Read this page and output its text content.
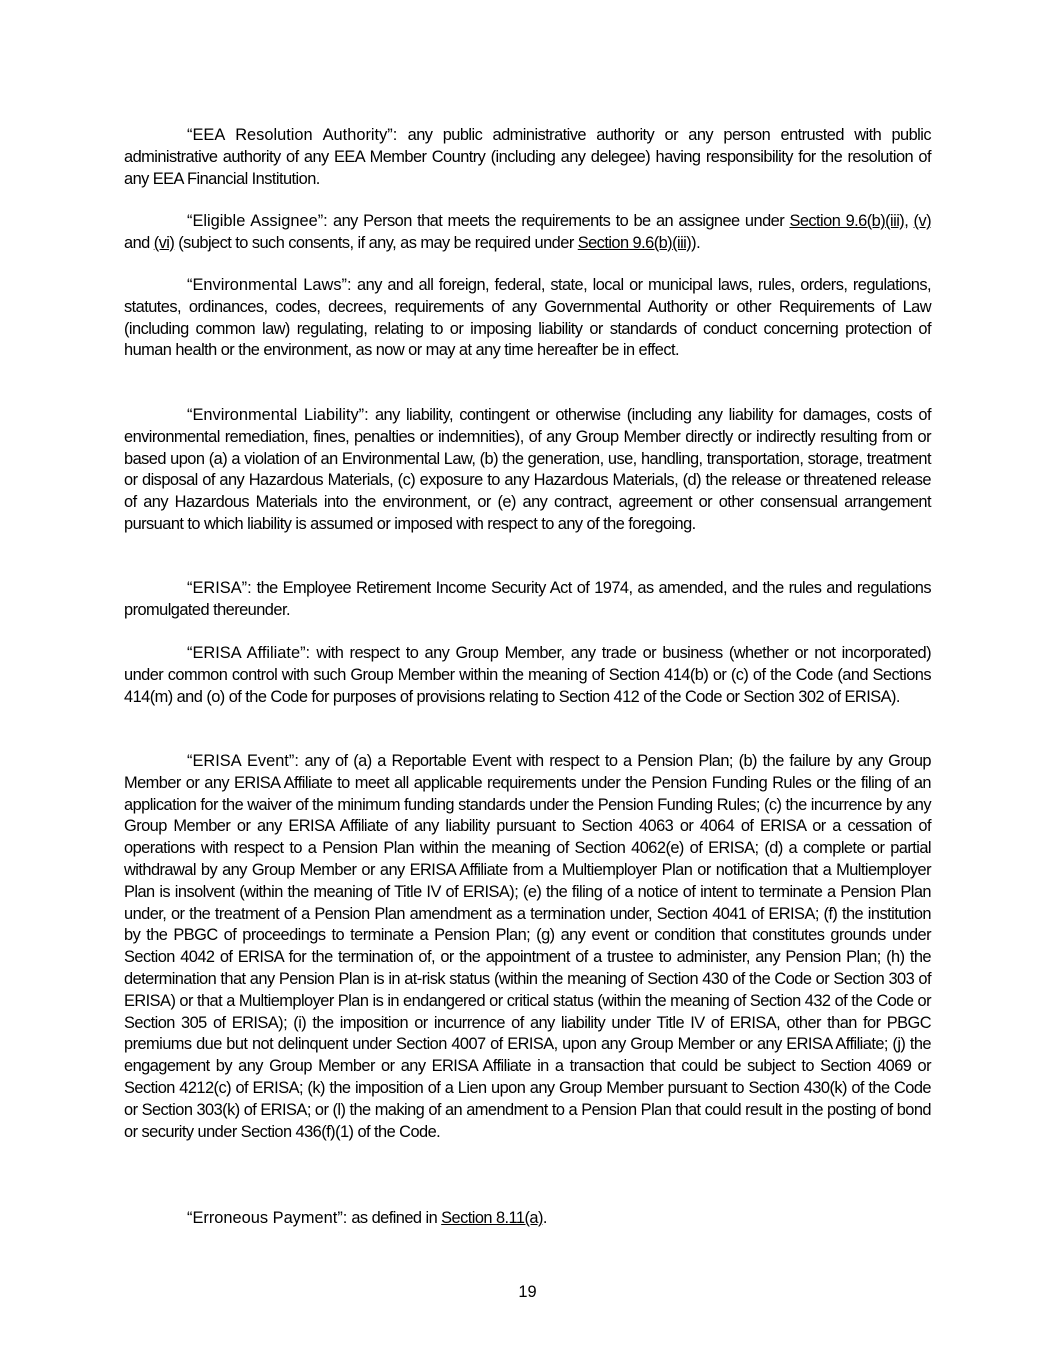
“EEA Resolution Authority”: any public administrative authority or any person entrusted with public administrative authority of any EEA Member Country (including any delegee) having responsibility for the resolution of any EEA Financial Institution.

“Eligible Assignee”: any Person that meets the requirements to be an assignee under Section 9.6(b)(iii), (v) and (vi) (subject to such consents, if any, as may be required under Section 9.6(b)(iii)).

“Environmental Laws”: any and all foreign, federal, state, local or municipal laws, rules, orders, regulations, statutes, ordinances, codes, decrees, requirements of any Governmental Authority or other Requirements of Law (including common law) regulating, relating to or imposing liability or standards of conduct concerning protection of human health or the environment, as now or may at any time hereafter be in effect.

“Environmental Liability”: any liability, contingent or otherwise (including any liability for damages, costs of environmental remediation, fines, penalties or indemnities), of any Group Member directly or indirectly resulting from or based upon (a) a violation of an Environmental Law, (b) the generation, use, handling, transportation, storage, treatment or disposal of any Hazardous Materials, (c) exposure to any Hazardous Materials, (d) the release or threatened release of any Hazardous Materials into the environment, or (e) any contract, agreement or other consensual arrangement pursuant to which liability is assumed or imposed with respect to any of the foregoing.

“ERISA”: the Employee Retirement Income Security Act of 1974, as amended, and the rules and regulations promulgated thereunder.

“ERISA Affiliate”: with respect to any Group Member, any trade or business (whether or not incorporated) under common control with such Group Member within the meaning of Section 414(b) or (c) of the Code (and Sections 414(m) and (o) of the Code for purposes of provisions relating to Section 412 of the Code or Section 302 of ERISA).

“ERISA Event”: any of (a) a Reportable Event with respect to a Pension Plan; (b) the failure by any Group Member or any ERISA Affiliate to meet all applicable requirements under the Pension Funding Rules or the filing of an application for the waiver of the minimum funding standards under the Pension Funding Rules; (c) the incurrence by any Group Member or any ERISA Affiliate of any liability pursuant to Section 4063 or 4064 of ERISA or a cessation of operations with respect to a Pension Plan within the meaning of Section 4062(e) of ERISA; (d) a complete or partial withdrawal by any Group Member or any ERISA Affiliate from a Multiemployer Plan or notification that a Multiemployer Plan is insolvent (within the meaning of Title IV of ERISA); (e) the filing of a notice of intent to terminate a Pension Plan under, or the treatment of a Pension Plan amendment as a termination under, Section 4041 of ERISA; (f) the institution by the PBGC of proceedings to terminate a Pension Plan; (g) any event or condition that constitutes grounds under Section 4042 of ERISA for the termination of, or the appointment of a trustee to administer, any Pension Plan; (h) the determination that any Pension Plan is in at-risk status (within the meaning of Section 430 of the Code or Section 303 of ERISA) or that a Multiemployer Plan is in endangered or critical status (within the meaning of Section 432 of the Code or Section 305 of ERISA); (i) the imposition or incurrence of any liability under Title IV of ERISA, other than for PBGC premiums due but not delinquent under Section 4007 of ERISA, upon any Group Member or any ERISA Affiliate; (j) the engagement by any Group Member or any ERISA Affiliate in a transaction that could be subject to Section 4069 or Section 4212(c) of ERISA; (k) the imposition of a Lien upon any Group Member pursuant to Section 430(k) of the Code or Section 303(k) of ERISA; or (l) the making of an amendment to a Pension Plan that could result in the posting of bond or security under Section 436(f)(1) of the Code.

“Erroneous Payment”: as defined in Section 8.11(a).

19
